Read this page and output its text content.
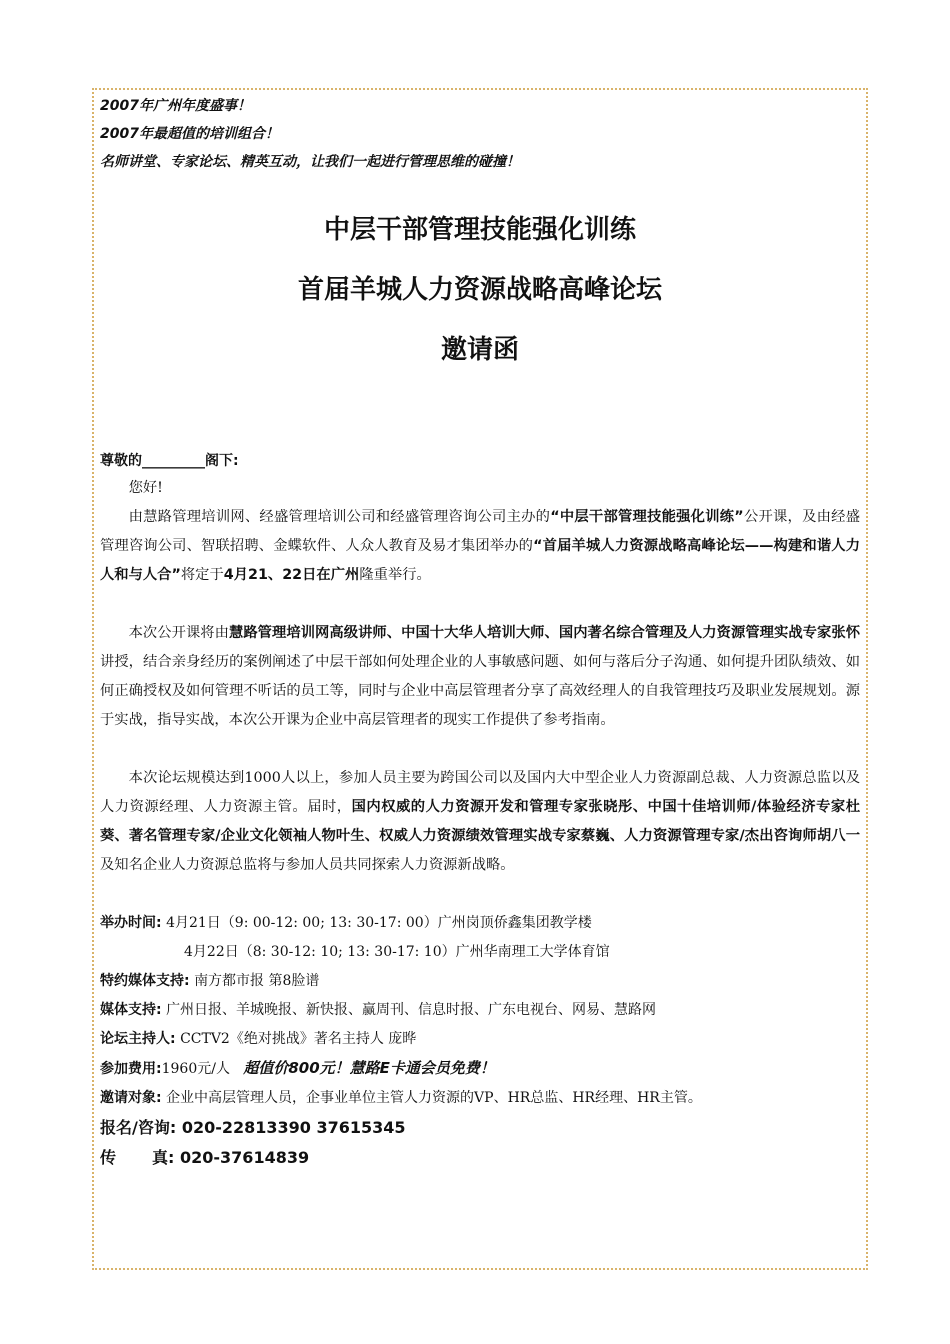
2007年广州年度盛事！

2007年最超值的培训组合！

名师讲堂、专家论坛、精英互动，让我们一起进行管理思维的碰撞！

中层干部管理技能强化训练

首届羊城人力资源战略高峰论坛

邀请函

尊敬的_________阁下:

您好!

由慧路管理培训网、经盛管理培训公司和经盛管理咨询公司主办的“中层干部管理技能强化训练”公开课，及由经盛管理咨询公司、智联招聘、金蝶软件、人众人教育及易才集团举办的“首届羊城人力资源战略高峰论坛——构建和谐人力 人和与人合”将定于4月21、22日在广州隆重举行。

本次公开课将由慧路管理培训网高级讲师、中国十大华人培训大师、国内著名综合管理及人力资源管理实战专家张怀讲授，结合亲身经历的案例阐述了中层干部如何处理企业的人事敏感问题、如何与落后分子沟通、如何提升团队绩效、如何正确授权及如何管理不听话的员工等，同时与企业中高层管理者分享了高效经理人的自我管理技巧及职业发展规划。源于实战，指导实战，本次公开课为企业中高层管理者的现实工作提供了参考指南。

本次论坛规模达到1000人以上，参加人员主要为跨国公司以及国内大中型企业人力资源副总裁、人力资源总监以及人力资源经理、人力资源主管。届时，国内权威的人力资源开发和管理专家张晓彤、中国十佳培训师/体验经济专家杜葵、著名管理专家/企业文化领袖人物叶生、权威人力资源绩效管理实战专家蔡巍、人力资源管理专家/杰出咨询师胡八一及知名企业人力资源总监将与参加人员共同探索人力资源新战略。

举办时间: 4月21日（9: 00-12: 00; 13: 30-17: 00）广州岗顶侨鑫集团教学楼

4月22日（8: 30-12: 10; 13: 30-17: 10）广州华南理工大学体育馆

特约媒体支持: 南方都市报 第8脸谱

媒体支持: 广州日报、羊城晚报、新快报、赢周刊、信息时报、广东电视台、网易、慧路网

论坛主持人: CCTV2《绝对挑战》著名主持人 庞晔

参加费用:1960元/人 超值价800元！慧路E卡通会员免费！

邀请对象: 企业中高层管理人员，企事业单位主管人力资源的VP、HR总监、HR经理、HR主管。

报名/咨询: 020-22813390 37615345

传 真: 020-37614839
